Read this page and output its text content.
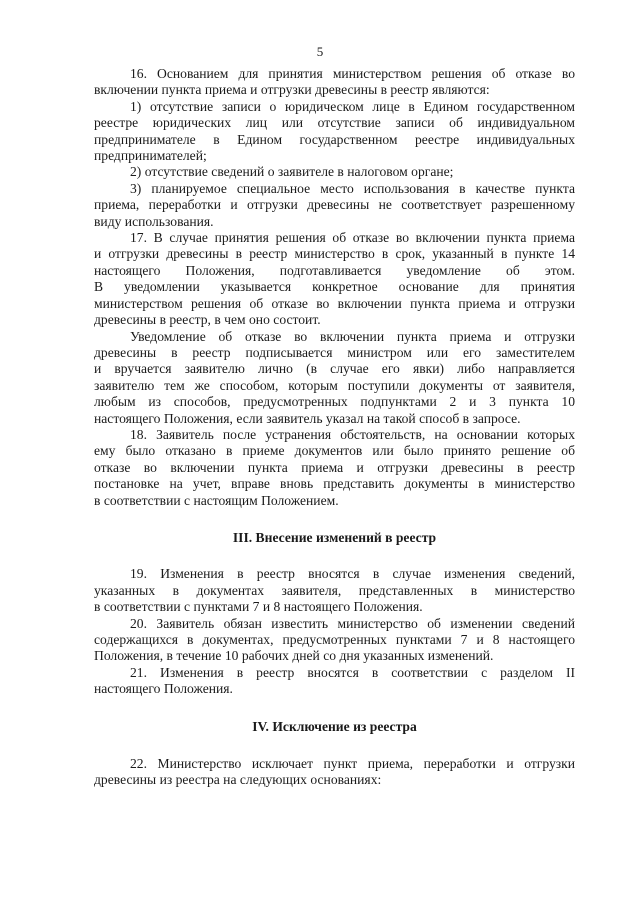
5
16. Основанием для принятия министерством решения об отказе во
включении пункта приема и отгрузки древесины в реестр являются:
1) отсутствие записи о юридическом лице в Едином государственном
реестре юридических лиц или отсутствие записи об индивидуальном
предпринимателе в Едином государственном реестре индивидуальных
предпринимателей;
2) отсутствие сведений о заявителе в налоговом органе;
3) планируемое специальное место использования в качестве пункта
приема, переработки и отгрузки древесины не соответствует разрешенному
виду использования.
17. В случае принятия решения об отказе во включении пункта приема
и отгрузки древесины в реестр министерство в срок, указанный в пункте 14
настоящего Положения, подготавливается уведомление об этом.
В уведомлении указывается конкретное основание для принятия
министерством решения об отказе во включении пункта приема и отгрузки
древесины в реестр, в чем оно состоит.
Уведомление об отказе во включении пункта приема и отгрузки
древесины в реестр подписывается министром или его заместителем
и вручается заявителю лично (в случае его явки) либо направляется
заявителю тем же способом, которым поступили документы от заявителя,
любым из способов, предусмотренных подпунктами 2 и 3 пункта 10
настоящего Положения, если заявитель указал на такой способ в запросе.
18. Заявитель после устранения обстоятельств, на основании которых
ему было отказано в приеме документов или было принято решение об
отказе во включении пункта приема и отгрузки древесины в реестр
постановке на учет, вправе вновь представить документы в министерство
в соответствии с настоящим Положением.
III. Внесение изменений в реестр
19. Изменения в реестр вносятся в случае изменения сведений,
указанных в документах заявителя, представленных в министерство
в соответствии с пунктами 7 и 8 настоящего Положения.
20. Заявитель обязан известить министерство об изменении сведений
содержащихся в документах, предусмотренных пунктами 7 и 8 настоящего
Положения, в течение 10 рабочих дней со дня указанных изменений.
21. Изменения в реестр вносятся в соответствии с разделом II
настоящего Положения.
IV. Исключение из реестра
22. Министерство исключает пункт приема, переработки и отгрузки
древесины из реестра на следующих основаниях:
